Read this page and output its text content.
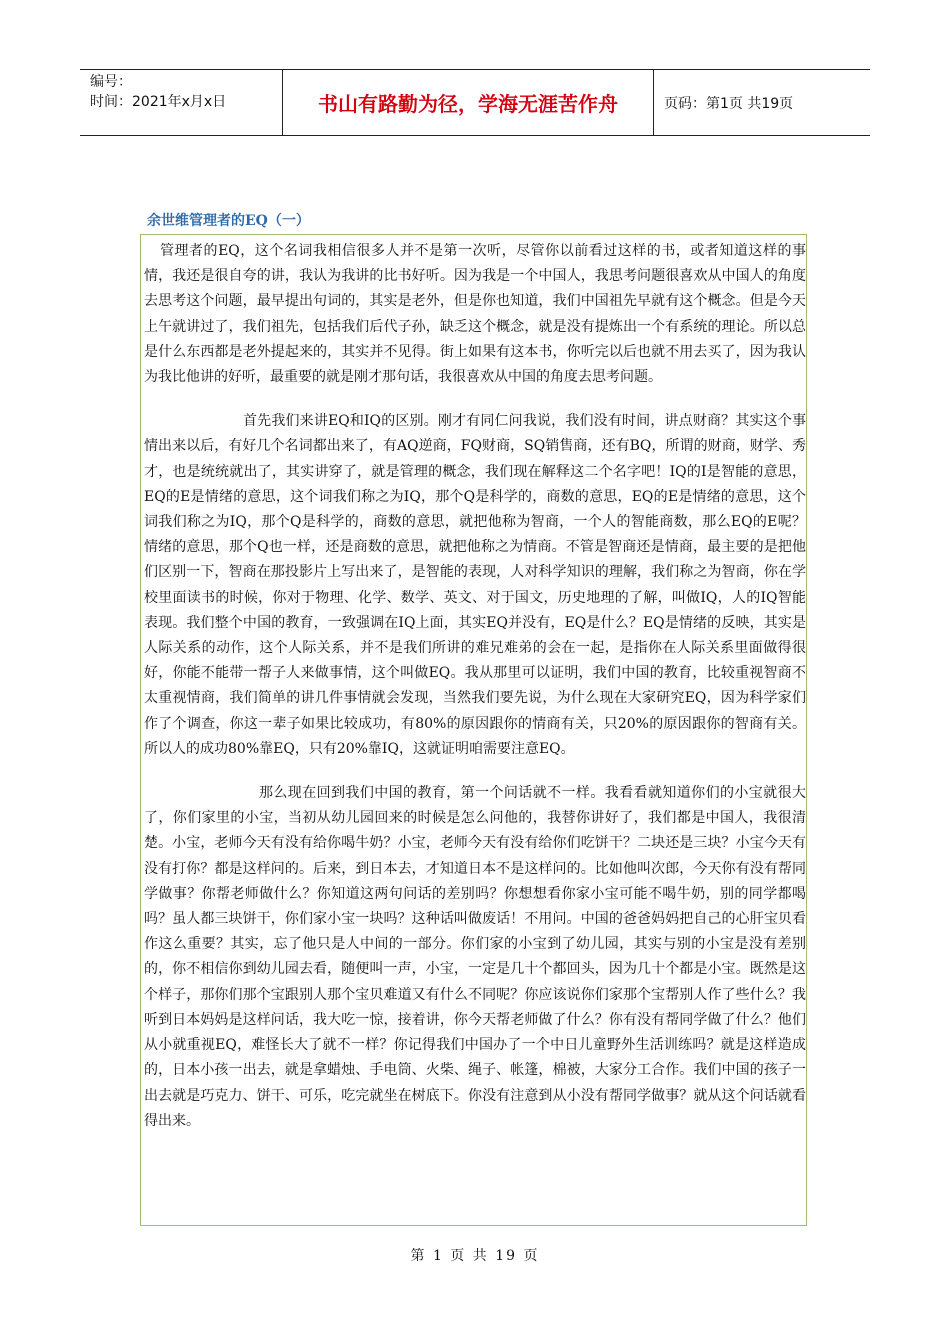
编号：
时间：2021年x月x日	书山有路勤为径，学海无涯苦作舟	页码：第1页 共19页
余世维管理者的EQ（一）

管理者的EQ，这个名词我相信很多人并不是第一次听，尽管你以前看过这样的书，或者知道这样的事情，我还是很自夸的讲，我认为我讲的比书好听。因为我是一个中国人，我思考问题很喜欢从中国人的角度去思考这个问题，最早提出句词的，其实是老外，但是你也知道，我们中国祖先早就有这个概念。但是今天上午就讲过了，我们祖先，包括我们后代子孙，缺乏这个概念，就是没有提炼出一个有系统的理论。所以总是什么东西都是老外提起来的，其实并不见得。街上如果有这本书，你听完以后也就不用去买了，因为我认为我比他讲的好听，最重要的就是刚才那句话，我很喜欢从中国的角度去思考问题。

首先我们来讲EQ和IQ的区别。刚才有同仁问我说，我们没有时间，讲点财商？其实这个事情出来以后，有好几个名词都出来了，有AQ逆商，FQ财商，SQ销售商，还有BQ，所谓的财商，财学、秀才，也是统统就出了，其实讲穿了，就是管理的概念，我们现在解释这二个名字吧！IQ的I是智能的意思，EQ的E是情绪的意思，这个词我们称之为IQ，那个Q是科学的，商数的意思，EQ的E是情绪的意思，这个词我们称之为IQ，那个Q是科学的，商数的意思，就把他称为智商，一个人的智能商数，那么EQ的E呢？情绪的意思，那个Q也一样，还是商数的意思，就把他称之为情商。不管是智商还是情商，最主要的是把他们区别一下，智商在那投影片上写出来了，是智能的表现，人对科学知识的理解，我们称之为智商，你在学校里面读书的时候，你对于物理、化学、数学、英文、对于国文，历史地理的了解，叫做IQ，人的IQ智能表现。我们整个中国的教育，一致强调在IQ上面，其实EQ并没有，EQ是什么？EQ是情绪的反映，其实是人际关系的动作，这个人际关系，并不是我们所讲的难兄难弟的会在一起，是指你在人际关系里面做得很好，你能不能带一帮子人来做事情，这个叫做EQ。我从那里可以证明，我们中国的教育，比较重视智商不太重视情商，我们简单的讲几件事情就会发现，当然我们要先说，为什么现在大家研究EQ，因为科学家们作了个调查，你这一辈子如果比较成功，有80%的原因跟你的情商有关，只20%的原因跟你的智商有关。所以人的成功80%靠EQ，只有20%靠IQ，这就证明咱需要注意EQ。

那么现在回到我们中国的教育，第一个问话就不一样。我看看就知道你们的小宝就很大了，你们家里的小宝，当初从幼儿园回来的时候是怎么问他的，我替你讲好了，我们都是中国人，我很清楚。小宝，老师今天有没有给你喝牛奶？小宝，老师今天有没有给你们吃饼干？二块还是三块？小宝今天有没有打你？都是这样问的。后来，到日本去，才知道日本不是这样问的。比如他叫次郎，今天你有没有帮同学做事？你帮老师做什么？你知道这两句问话的差别吗？你想想看你家小宝可能不喝牛奶，别的同学都喝吗？虽人都三块饼干，你们家小宝一块吗？这种话叫做废话！不用问。中国的爸爸妈妈把自己的心肝宝贝看作这么重要？其实，忘了他只是人中间的一部分。你们家的小宝到了幼儿园，其实与别的小宝是没有差别的，你不相信你到幼儿园去看，随便叫一声，小宝，一定是几十个都回头，因为几十个都是小宝。既然是这个样子，那你们那个宝跟别人那个宝贝难道又有什么不同呢？你应该说你们家那个宝帮别人作了些什么？我听到日本妈妈是这样问话，我大吃一惊，接着讲，你今天帮老师做了什么？你有没有帮同学做了什么？他们从小就重视EQ，难怪长大了就不一样？你记得我们中国办了一个中日儿童野外生活训练吗？就是这样造成的，日本小孩一出去，就是拿蜡烛、手电筒、火柴、绳子、帐篷，棉被，大家分工合作。我们中国的孩子一出去就是巧克力、饼干、可乐，吃完就坐在树底下。你没有注意到从小没有帮同学做事？就从这个问话就看得出来。

第 1 页 共 19 页
